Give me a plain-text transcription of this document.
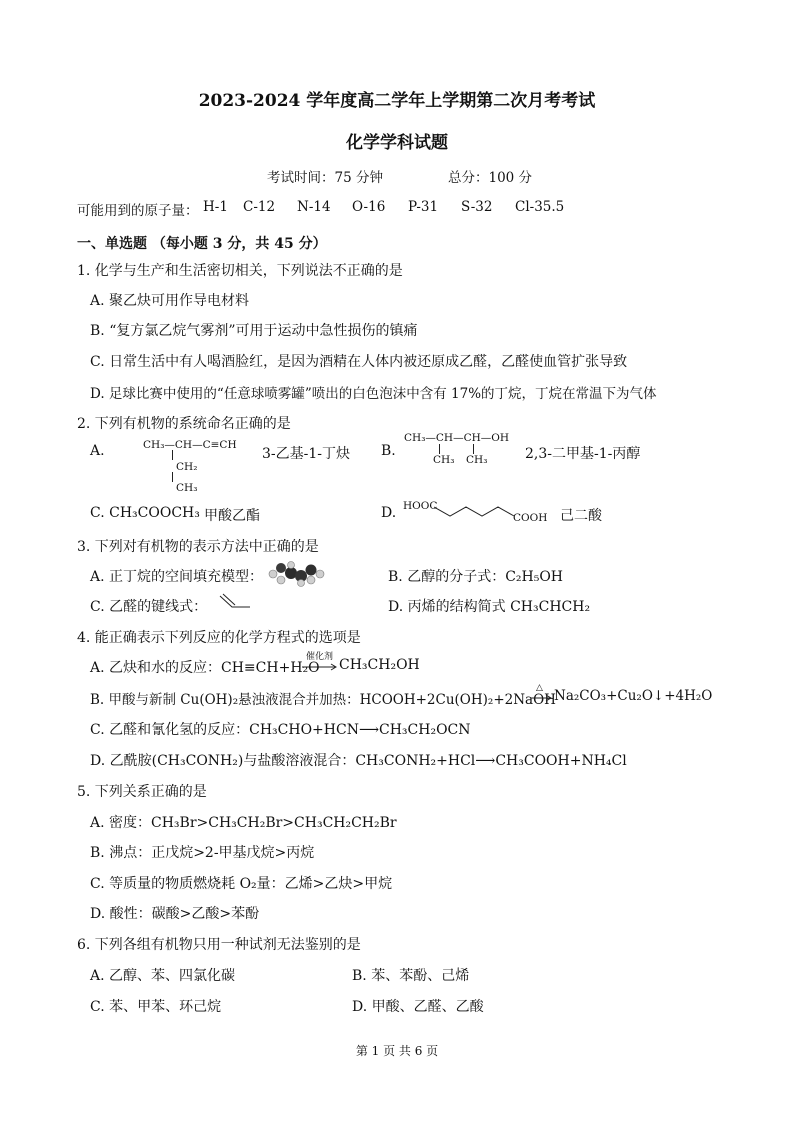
2023-2024 学年度高二学年上学期第二次月考考试
化学学科试题
考试时间：75 分钟	总分：100 分
可能用到的原子量： H-1 C-12 N-14 O-16 P-31 S-32 Cl-35.5
一、单选题 （每小题 3 分，共 45 分）
1. 化学与生产和生活密切相关，下列说法不正确的是
A. 聚乙炔可用作导电材料
B. “复方氯乙烷气雾剂”可用于运动中急性损伤的镇痛
C. 日常生活中有人喝酒脸红，是因为酒精在人体内被还原成乙醛，乙醛使血管扩张导致
D. 足球比赛中使用的“任意球喷雾罐”喷出的白色泡沫中含有 17%的丁烷，丁烷在常温下为气体
2. 下列有机物的系统命名正确的是
A.	CH₃—CH—C≡CH
CH₂
CH₃
3-乙基-1-丁炔 B.
CH₃—CH—CH—OH
CH₃ CH₃	2,3-二甲基-1-丙醇
C. CH₃COOCH₃ 甲酸乙酯	D. HOOC
COOH 己二酸
3. 下列对有机物的表示方法中正确的是
A. 正丁烷的空间填充模型：	B. 乙醇的分子式：C₂H₅OH
C. 乙醛的键线式：	D. 丙烯的结构简式 CH₃CHCH₂
4. 能正确表示下列反应的化学方程式的选项是
A. 乙炔和水的反应：CH≡CH+H₂O
催化剂 → CH₃CH₂OH
B. 甲酸与新制 Cu(OH)₂悬浊液混合并加热：HCOOH+2Cu(OH)₂+2NaOH
△ → Na₂CO₃+Cu₂O↓+4H₂O
C. 乙醛和氰化氢的反应：CH₃CHO+HCN⟶CH₃CH₂OCN
D. 乙酰胺(CH₃CONH₂)与盐酸溶液混合：CH₃CONH₂+HCl⟶CH₃COOH+NH₄Cl
5. 下列关系正确的是
A. 密度：CH₃Br>CH₃CH₂Br>CH₃CH₂CH₂Br
B. 沸点：正戊烷>2-甲基戊烷>丙烷
C. 等质量的物质燃烧耗 O₂量：乙烯>乙炔>甲烷
D. 酸性：碳酸>乙酸>苯酚
6. 下列各组有机物只用一种试剂无法鉴别的是
A. 乙醇、苯、四氯化碳	B. 苯、苯酚、己烯
C. 苯、甲苯、环己烷	D. 甲酸、乙醛、乙酸
第 1 页 共 6 页
